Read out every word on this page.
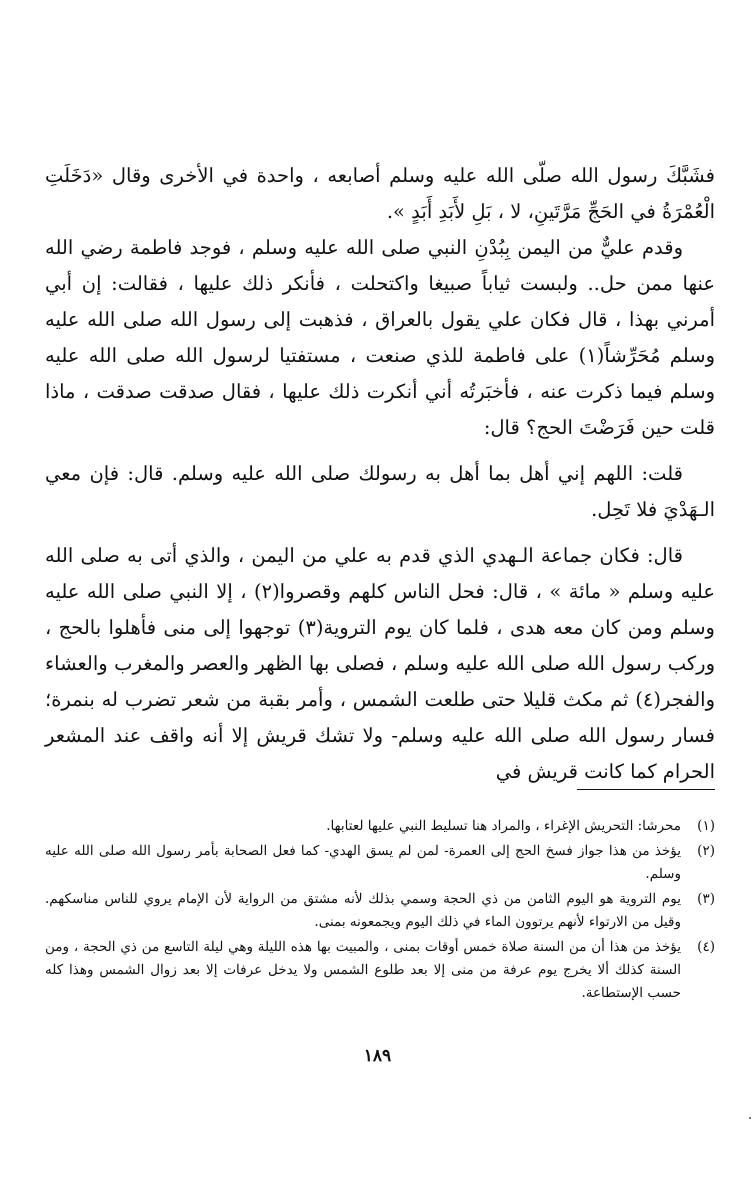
فشَبَّكَ رسول الله صلّى الله عليه وسلم أصابعه ، واحدة في الأخرى وقال «دَخَلَتِ الْعُمْرَةُ في الحَجِّ مَرَّتَينِ، لا ، بَلِ لأَبَدِ أَبَدٍ ».

وقدم عليٌّ من اليمن بِبُدْنِ النبي صلى الله عليه وسلم ، فوجد فاطمة رضي الله عنها ممن حل.. ولبست ثياباً صبيغا واكتحلت ، فأنكر ذلك عليها ، فقالت: إن أبي أمرني بهذا ، قال فكان علي يقول بالعراق ، فذهبت إلى رسول الله صلى الله عليه وسلم مُحَرِّشاً(١) على فاطمة للذي صنعت ، مستفتيا لرسول الله صلى الله عليه وسلم فيما ذكرت عنه ، فأخبَرتُه أني أنكرت ذلك عليها ، فقال صدقت صدقت ، ماذا قلت حين فَرَضْتَ الحج؟ قال:

قلت: اللهم إني أهل بما أهل به رسولك صلى الله عليه وسلم. قال: فإن معي الـهَدْيَ فلا تَحِل.

قال: فكان جماعة الـهدي الذي قدم به علي من اليمن ، والذي أتى به صلى الله عليه وسلم « مائة » ، قال: فحل الناس كلهم وقصروا(٢) ، إلا النبي صلى الله عليه وسلم ومن كان معه هدى ، فلما كان يوم التروية(٣) توجهوا إلى منى فأهلوا بالحج ، وركب رسول الله صلى الله عليه وسلم ، فصلى بها الظهر والعصر والمغرب والعشاء والفجر(٤) ثم مكث قليلا حتى طلعت الشمس ، وأمر بقبة من شعر تضرب له بنمرة؛ فسار رسول الله صلى الله عليه وسلم- ولا تشك قريش إلا أنه واقف عند المشعر الحرام كما كانت قريش في

(١)
محرشا: التحريش الإغراء ، والمراد هنا تسليط النبي عليها لعتابها.
(٢)
يؤخذ من هذا جواز فسخ الحج إلى العمرة- لمن لم يسق الهدي- كما فعل الصحابة بأمر رسول الله صلى الله عليه وسلم.
(٣)
يوم التروية هو اليوم الثامن من ذي الحجة وسمي بذلك لأنه مشتق من الرواية لأن الإمام يروي للناس مناسكهم. وقيل من الارتواء لأنهم يرتوون الماء في ذلك اليوم ويجمعونه بمنى.
(٤)
يؤخذ من هذا أن من السنة صلاة خمس أوقات بمنى ، والمبيت بها هذه الليلة وهي ليلة التاسع من ذي الحجة ، ومن السنة كذلك ألا يخرج يوم عرفة من منى إلا بعد طلوع الشمس ولا يدخل عرفات إلا بعد زوال الشمس وهذا كله حسب الإستطاعة.
١٨٩
